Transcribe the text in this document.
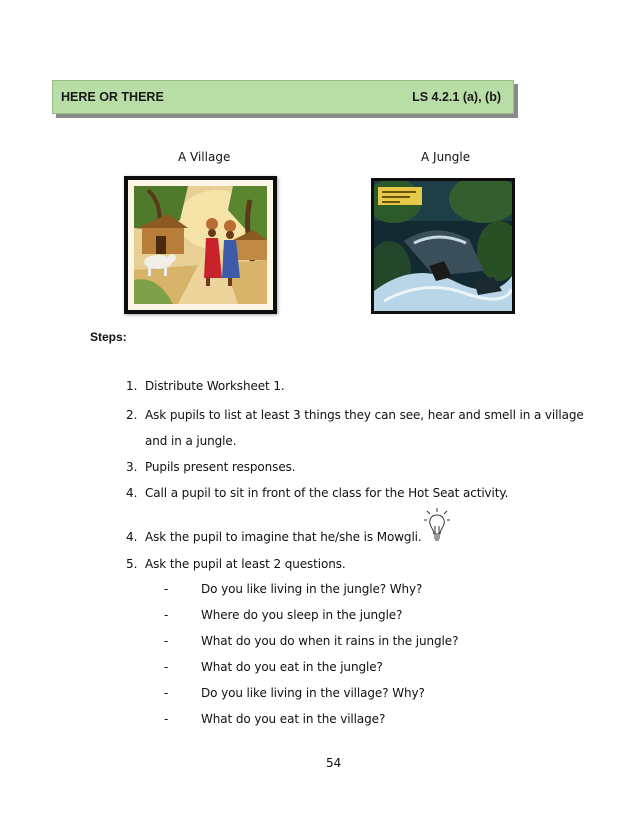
HERE OR THERE	LS 4.2.1 (a), (b)
A Village	A Jungle
Steps:
1. Distribute Worksheet 1.
2. Ask pupils to list at least 3 things they can see, hear and smell in a village
and in a jungle.
3. Pupils present responses.
4. Call a pupil to sit in front of the class for the Hot Seat activity.
4. Ask the pupil to imagine that he/she is Mowgli.
5. Ask the pupil at least 2 questions.
-	Do you like living in the jungle? Why?
-	Where do you sleep in the jungle?
-	What do you do when it rains in the jungle?
-	What do you eat in the jungle?
-	Do you like living in the village? Why?
-	What do you eat in the village?
54
